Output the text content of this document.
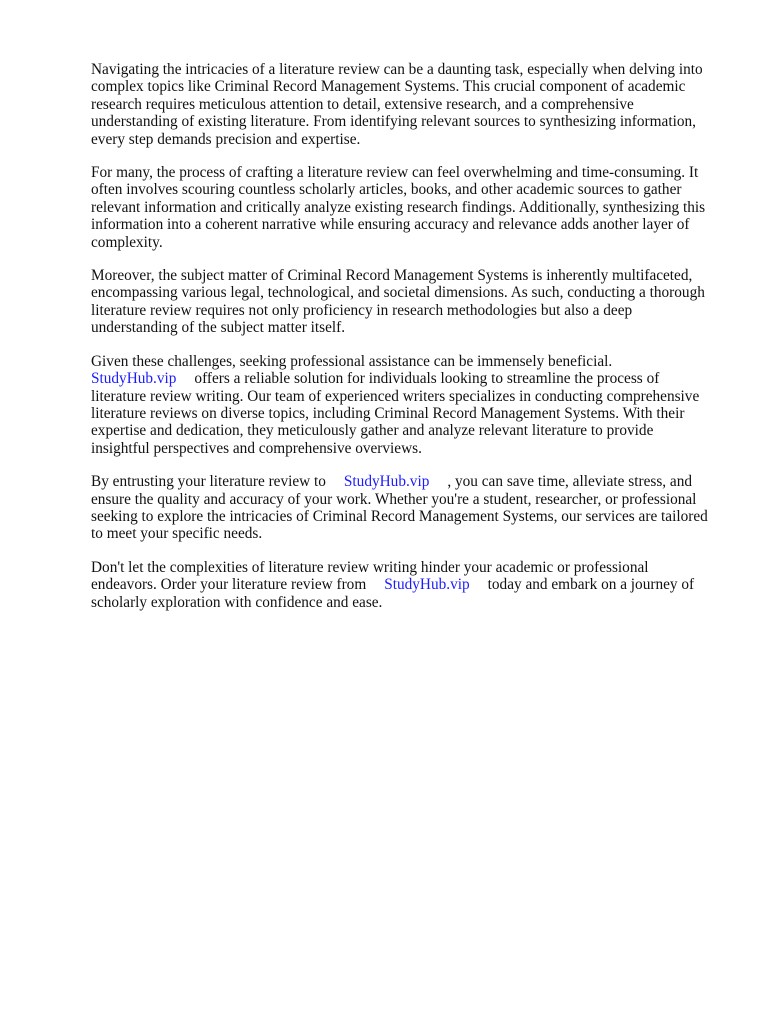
Navigating the intricacies of a literature review can be a daunting task, especially when delving into
complex topics like Criminal Record Management Systems. This crucial component of academic
research requires meticulous attention to detail, extensive research, and a comprehensive
understanding of existing literature. From identifying relevant sources to synthesizing information,
every step demands precision and expertise.

For many, the process of crafting a literature review can feel overwhelming and time-consuming. It
often involves scouring countless scholarly articles, books, and other academic sources to gather
relevant information and critically analyze existing research findings. Additionally, synthesizing this
information into a coherent narrative while ensuring accuracy and relevance adds another layer of
complexity.

Moreover, the subject matter of Criminal Record Management Systems is inherently multifaceted,
encompassing various legal, technological, and societal dimensions. As such, conducting a thorough
literature review requires not only proficiency in research methodologies but also a deep
understanding of the subject matter itself.

Given these challenges, seeking professional assistance can be immensely beneficial.
StudyHub.vip offers a reliable solution for individuals looking to streamline the process of
literature review writing. Our team of experienced writers specializes in conducting comprehensive
literature reviews on diverse topics, including Criminal Record Management Systems. With their
expertise and dedication, they meticulously gather and analyze relevant literature to provide
insightful perspectives and comprehensive overviews.

By entrusting your literature review to StudyHub.vip , you can save time, alleviate stress, and
ensure the quality and accuracy of your work. Whether you're a student, researcher, or professional
seeking to explore the intricacies of Criminal Record Management Systems, our services are tailored
to meet your specific needs.

Don't let the complexities of literature review writing hinder your academic or professional
endeavors. Order your literature review from StudyHub.vip today and embark on a journey of
scholarly exploration with confidence and ease.
